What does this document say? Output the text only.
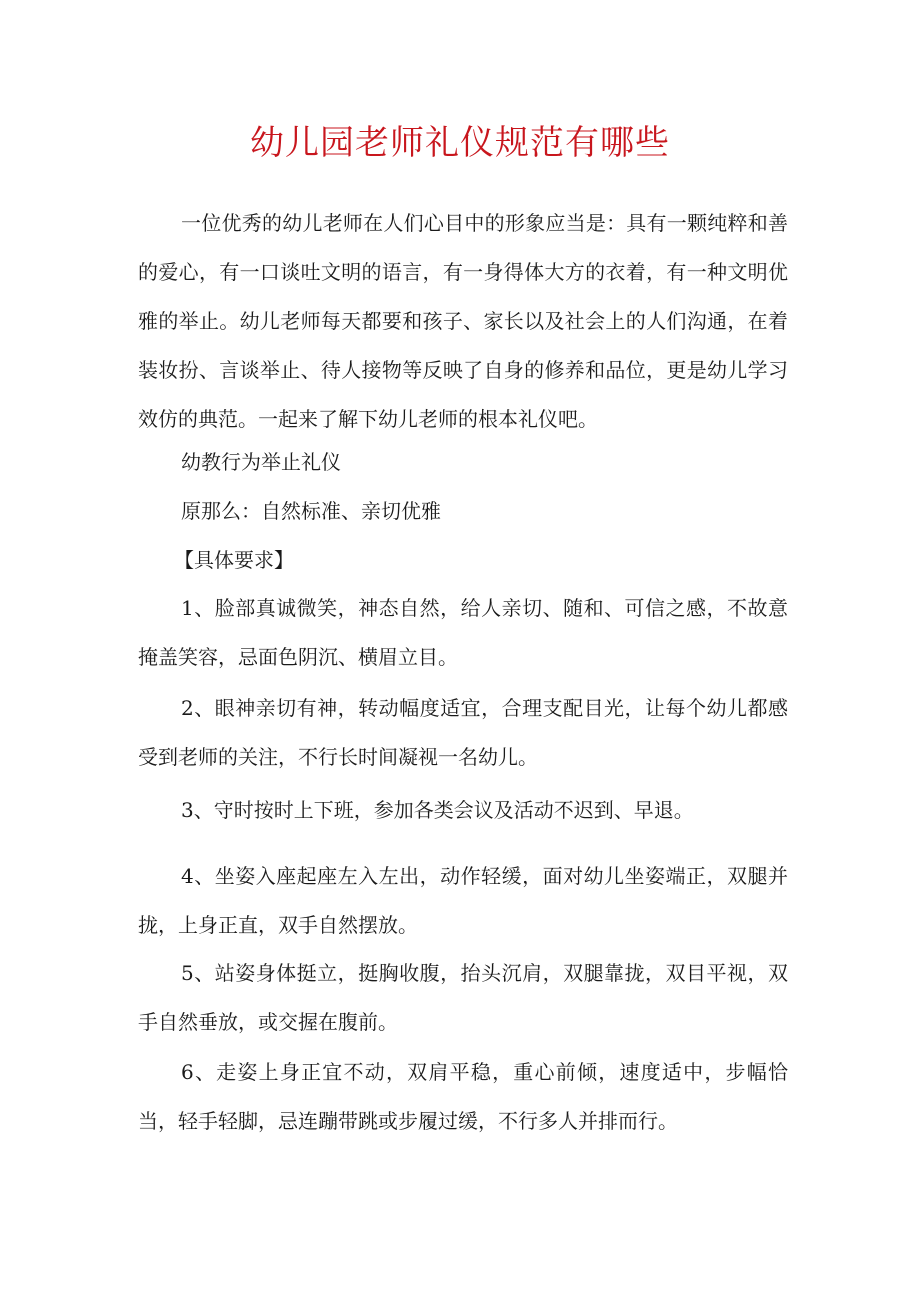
幼儿园老师礼仪规范有哪些

一位优秀的幼儿老师在人们心目中的形象应当是：具有一颗纯粹和善的爱心，有一口谈吐文明的语言，有一身得体大方的衣着，有一种文明优雅的举止。幼儿老师每天都要和孩子、家长以及社会上的人们沟通，在着装妆扮、言谈举止、待人接物等反映了自身的修养和品位，更是幼儿学习效仿的典范。一起来了解下幼儿老师的根本礼仪吧。

幼教行为举止礼仪

原那么：自然标准、亲切优雅

【具体要求】

1、脸部真诚微笑，神态自然，给人亲切、随和、可信之感，不故意掩盖笑容，忌面色阴沉、横眉立目。

2、眼神亲切有神，转动幅度适宜，合理支配目光，让每个幼儿都感受到老师的关注，不行长时间凝视一名幼儿。

3、守时按时上下班，参加各类会议及活动不迟到、早退。

4、坐姿入座起座左入左出，动作轻缓，面对幼儿坐姿端正，双腿并拢，上身正直，双手自然摆放。

5、站姿身体挺立，挺胸收腹，抬头沉肩，双腿靠拢，双目平视，双手自然垂放，或交握在腹前。

6、走姿上身正宜不动，双肩平稳，重心前倾，速度适中，步幅恰当，轻手轻脚，忌连蹦带跳或步履过缓，不行多人并排而行。
